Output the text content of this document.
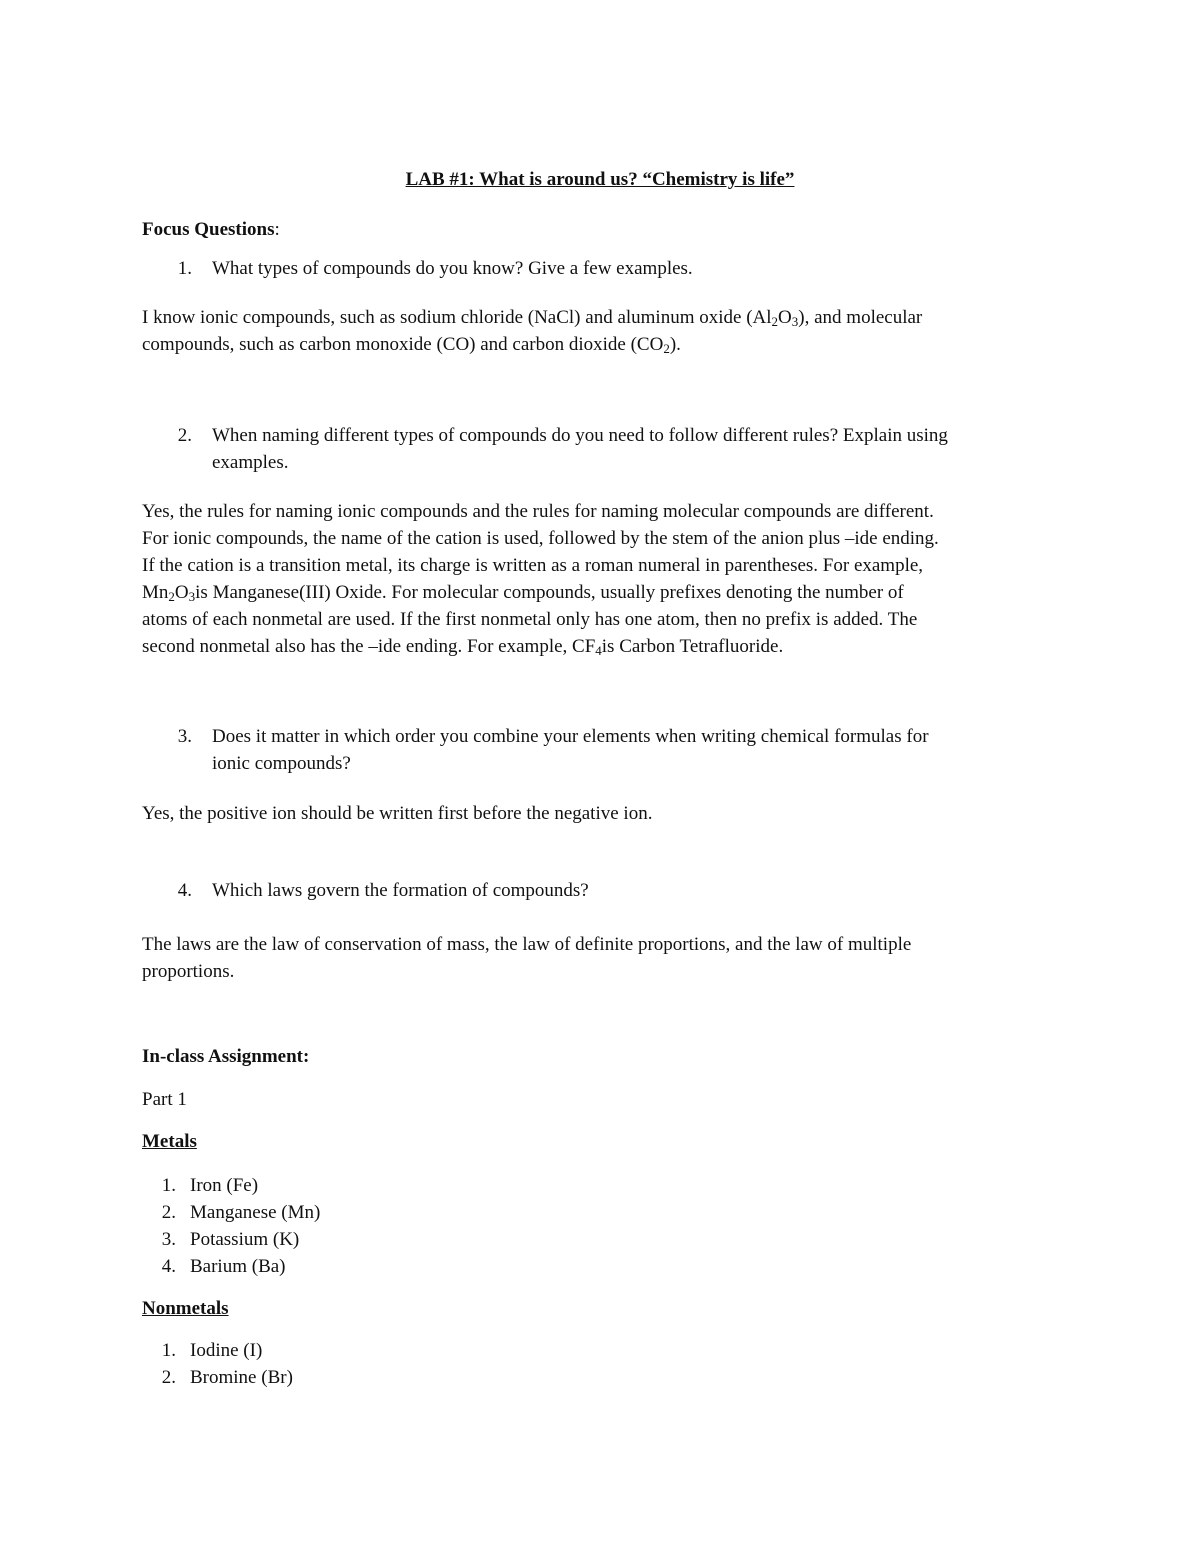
LAB #1: What is around us? “Chemistry is life”

Focus Questions:

1. What types of compounds do you know? Give a few examples.

I know ionic compounds, such as sodium chloride (NaCl) and aluminum oxide $(Al_2O_3)$, and molecular
compounds, such as carbon monoxide (CO) and carbon dioxide $(CO_2)$.

2. When naming different types of compounds do you need to follow different rules? Explain using
examples.

Yes, the rules for naming ionic compounds and the rules for naming molecular compounds are different.
For ionic compounds, the name of the cation is used, followed by the stem of the anion plus –ide ending.
If the cation is a transition metal, its charge is written as a roman numeral in parentheses. For example,
$Mn_2O_3is$ Manganese(III) Oxide. For molecular compounds, usually prefixes denoting the number of
atoms of each nonmetal are used. If the first nonmetal only has one atom, then no prefix is added. The
second nonmetal also has the –ide ending. For example, $CF_4is$ Carbon Tetrafluoride.

3. Does it matter in which order you combine your elements when writing chemical formulas for
ionic compounds?

Yes, the positive ion should be written first before the negative ion.

4. Which laws govern the formation of compounds?

The laws are the law of conservation of mass, the law of definite proportions, and the law of multiple
proportions.

In-class Assignment:

Part 1

Metals

1. Iron (Fe)
2. Manganese (Mn)
3. Potassium (K)
4. Barium (Ba)

Nonmetals

1. Iodine (I)
2. Bromine (Br)
